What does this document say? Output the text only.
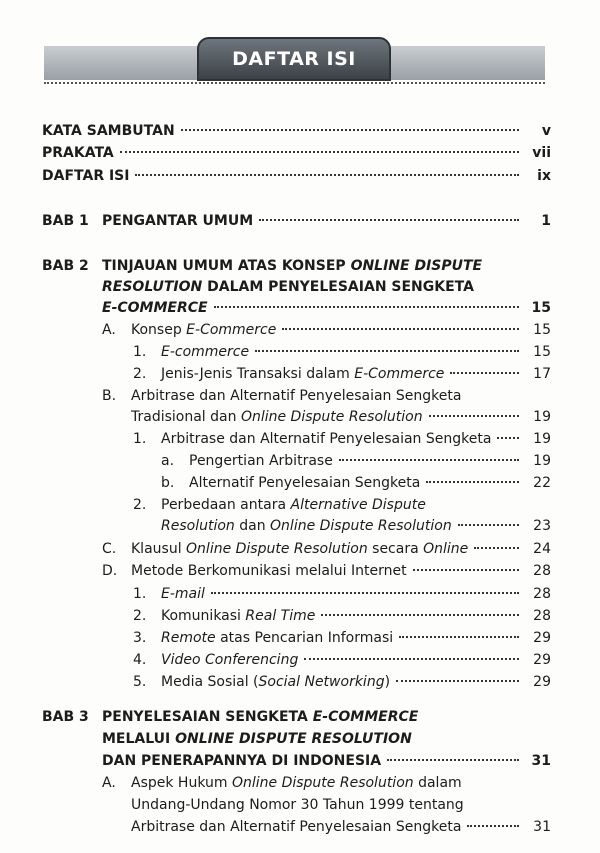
DAFTAR ISI
KATA SAMBUTAN	v
PRAKATA	vii
DAFTAR ISI	ix
BAB 1 PENGANTAR UMUM	1
BAB 2 TINJAUAN UMUM ATAS KONSEP ONLINE DISPUTE
RESOLUTION DALAM PENYELESAIAN SENGKETA
E-COMMERCE	15
A. Konsep E-Commerce	15
1. E-commerce	15
2. Jenis-Jenis Transaksi dalam E-Commerce	17
B. Arbitrase dan Alternatif Penyelesaian Sengketa
Tradisional dan Online Dispute Resolution	19
1. Arbitrase dan Alternatif Penyelesaian Sengketa	19
a. Pengertian Arbitrase	19
b. Alternatif Penyelesaian Sengketa	22
2. Perbedaan antara Alternative Dispute
Resolution dan Online Dispute Resolution	23
C. Klausul Online Dispute Resolution secara Online	24
D. Metode Berkomunikasi melalui Internet	28
1. E-mail	28
2. Komunikasi Real Time	28
3. Remote atas Pencarian Informasi	29
4. Video Conferencing	29
5. Media Sosial (Social Networking)	29
BAB 3 PENYELESAIAN SENGKETA E-COMMERCE
MELALUI ONLINE DISPUTE RESOLUTION
DAN PENERAPANNYA DI INDONESIA	31
A. Aspek Hukum Online Dispute Resolution dalam
Undang-Undang Nomor 30 Tahun 1999 tentang
Arbitrase dan Alternatif Penyelesaian Sengketa	31
